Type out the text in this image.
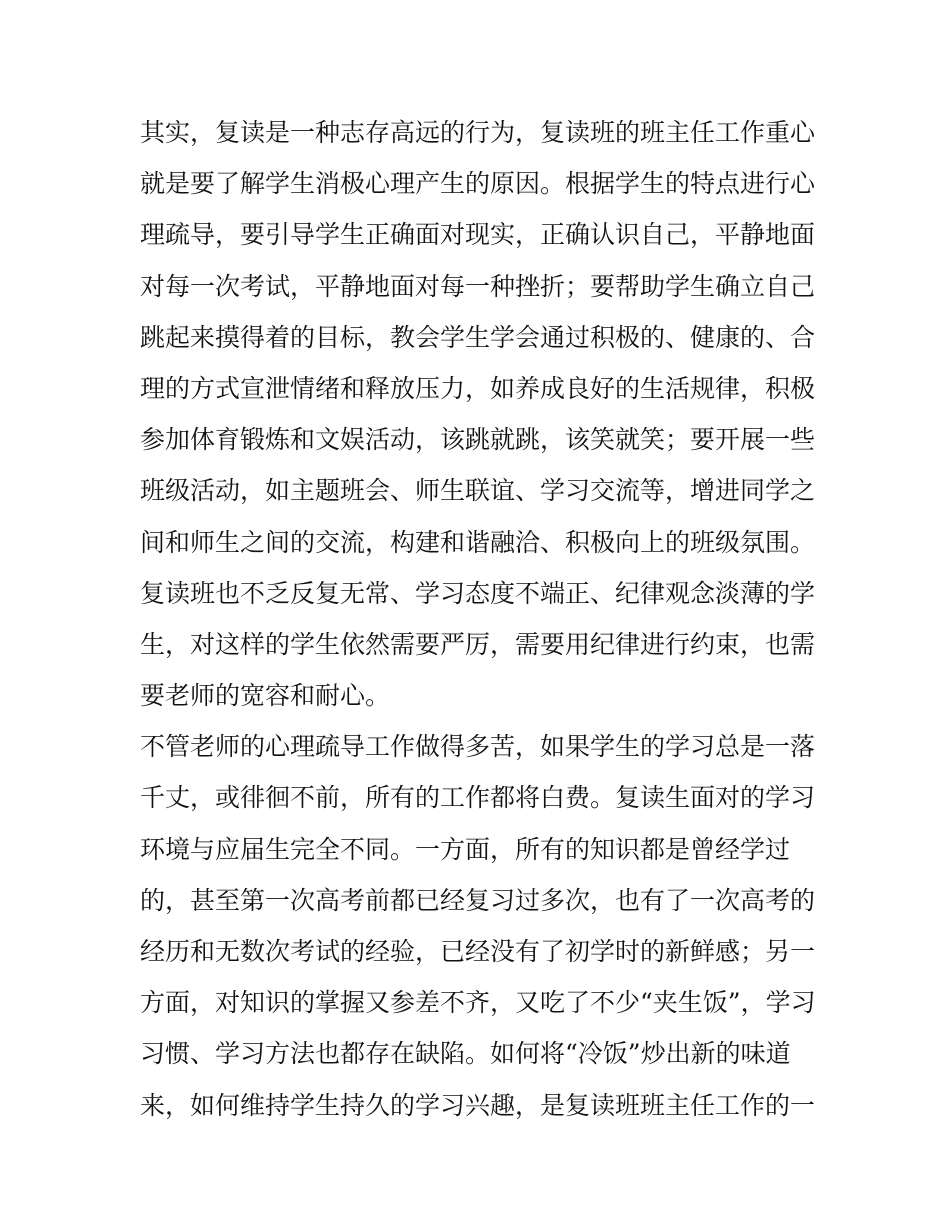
其实，复读是一种志存高远的行为，复读班的班主任工作重心
就是要了解学生消极心理产生的原因。根据学生的特点进行心
理疏导，要引导学生正确面对现实，正确认识自己，平静地面
对每一次考试，平静地面对每一种挫折；要帮助学生确立自己
跳起来摸得着的目标，教会学生学会通过积极的、健康的、合
理的方式宣泄情绪和释放压力，如养成良好的生活规律，积极
参加体育锻炼和文娱活动，该跳就跳，该笑就笑；要开展一些
班级活动，如主题班会、师生联谊、学习交流等，增进同学之
间和师生之间的交流，构建和谐融洽、积极向上的班级氛围。
复读班也不乏反复无常、学习态度不端正、纪律观念淡薄的学
生，对这样的学生依然需要严厉，需要用纪律进行约束，也需
要老师的宽容和耐心。
不管老师的心理疏导工作做得多苦，如果学生的学习总是一落
千丈，或徘徊不前，所有的工作都将白费。复读生面对的学习
环境与应届生完全不同。一方面，所有的知识都是曾经学过
的，甚至第一次高考前都已经复习过多次，也有了一次高考的
经历和无数次考试的经验，已经没有了初学时的新鲜感；另一
方面，对知识的掌握又参差不齐，又吃了不少“夹生饭”，学习
习惯、学习方法也都存在缺陷。如何将“冷饭”炒出新的味道
来，如何维持学生持久的学习兴趣，是复读班班主任工作的一
